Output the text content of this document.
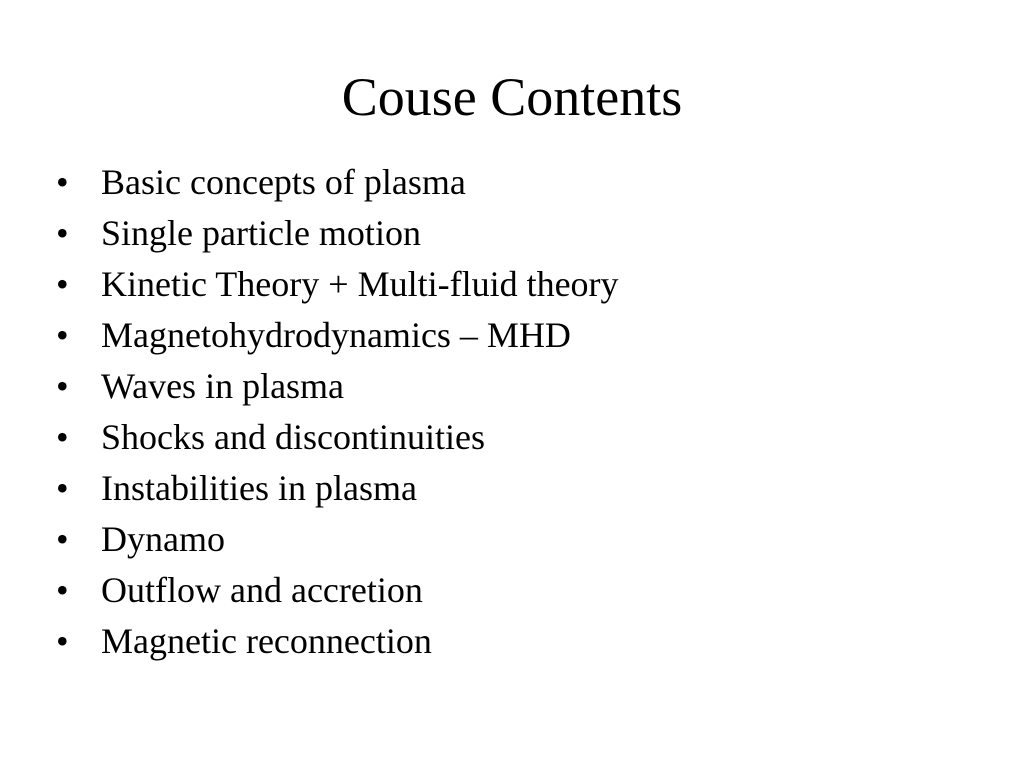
Couse Contents
• Basic concepts of plasma
• Single particle motion
• Kinetic Theory + Multi-fluid theory
• Magnetohydrodynamics – MHD
• Waves in plasma
• Shocks and discontinuities
• Instabilities in plasma
• Dynamo
• Outflow and accretion
• Magnetic reconnection
